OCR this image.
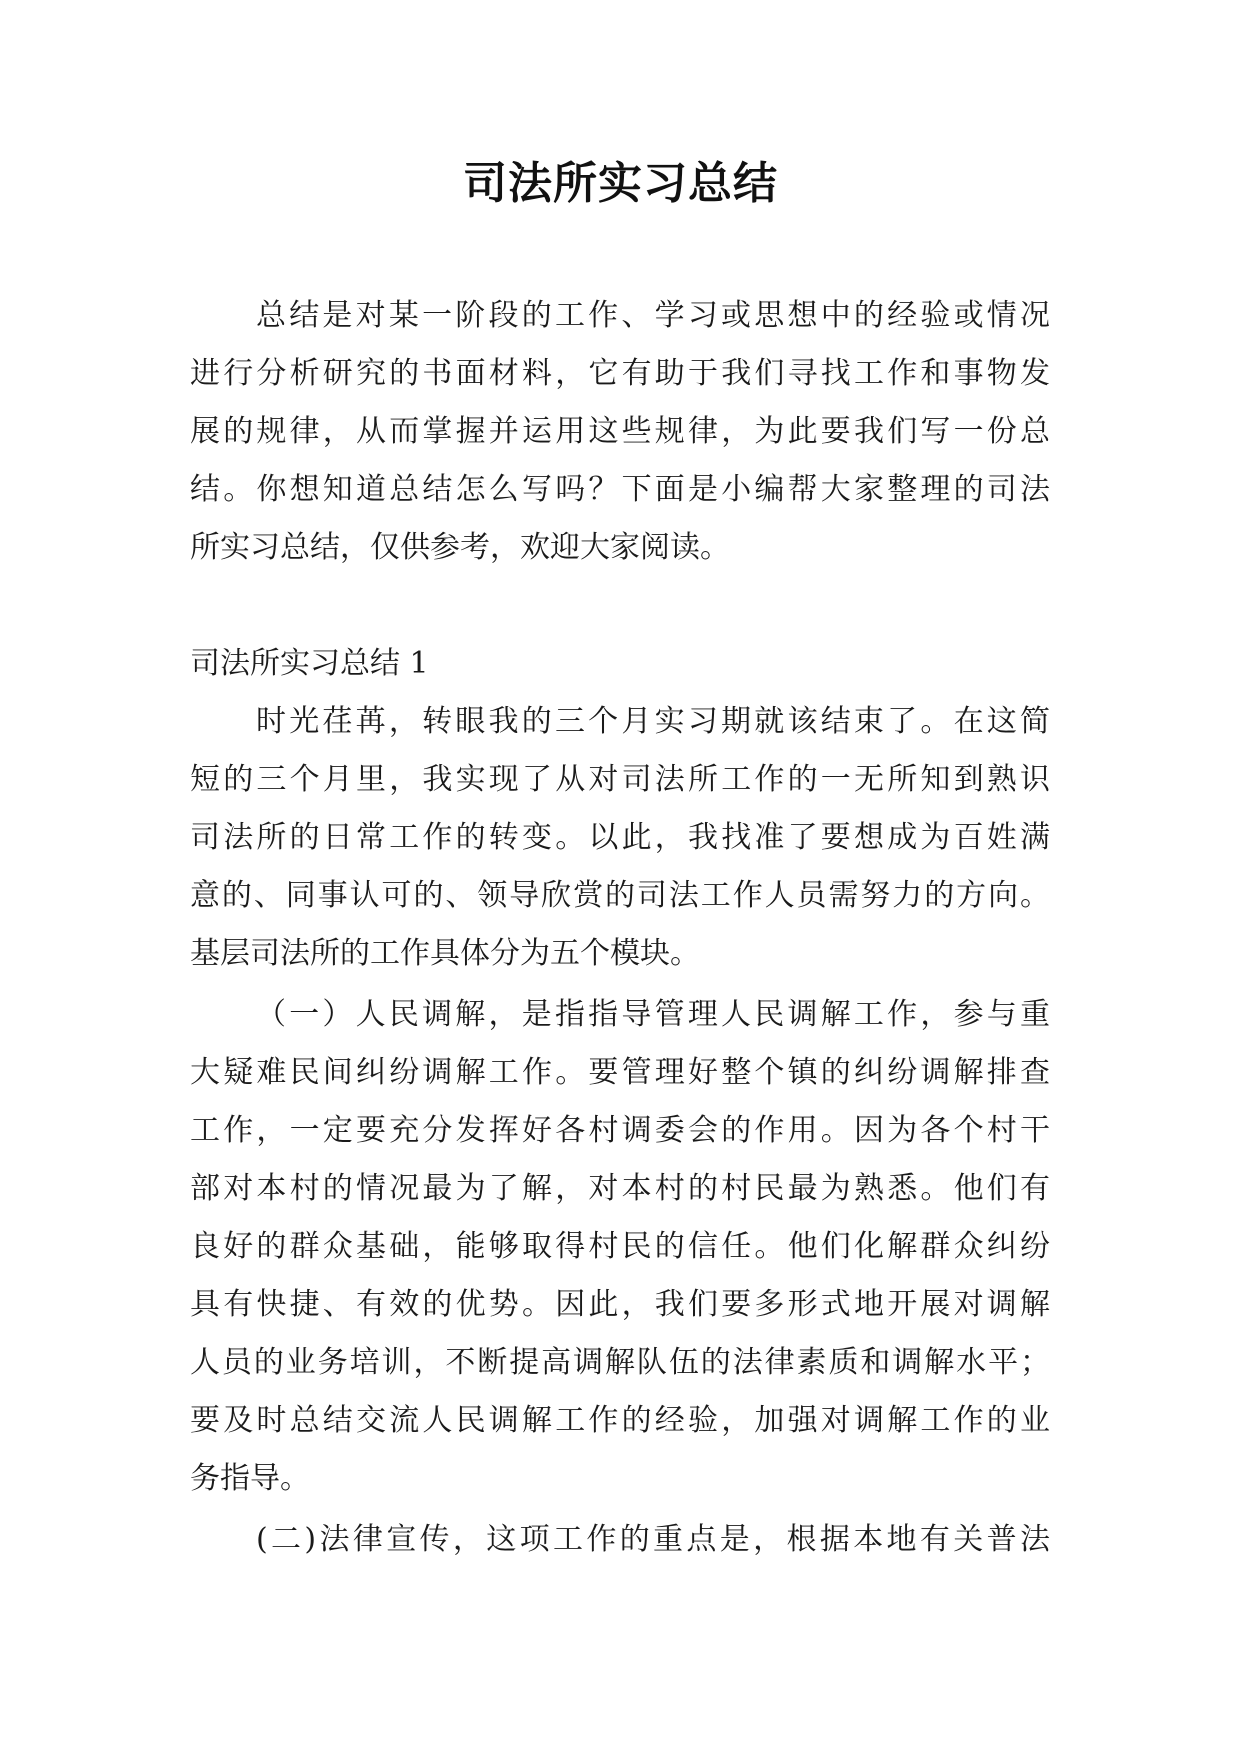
司法所实习总结
总结是对某一阶段的工作、学习或思想中的经验或情况
进行分析研究的书面材料，它有助于我们寻找工作和事物发
展的规律，从而掌握并运用这些规律，为此要我们写一份总
结。你想知道总结怎么写吗？下面是小编帮大家整理的司法
所实习总结，仅供参考，欢迎大家阅读。
司法所实习总结 1
时光荏苒，转眼我的三个月实习期就该结束了。在这简
短的三个月里，我实现了从对司法所工作的一无所知到熟识
司法所的日常工作的转变。以此，我找准了要想成为百姓满
意的、同事认可的、领导欣赏的司法工作人员需努力的方向。
基层司法所的工作具体分为五个模块。
（一）人民调解，是指指导管理人民调解工作，参与重
大疑难民间纠纷调解工作。要管理好整个镇的纠纷调解排查
工作，一定要充分发挥好各村调委会的作用。因为各个村干
部对本村的情况最为了解，对本村的村民最为熟悉。他们有
良好的群众基础，能够取得村民的信任。他们化解群众纠纷
具有快捷、有效的优势。因此，我们要多形式地开展对调解
人员的业务培训，不断提高调解队伍的法律素质和调解水平；
要及时总结交流人民调解工作的经验，加强对调解工作的业
务指导。
(二)法律宣传，这项工作的重点是，根据本地有关普法
